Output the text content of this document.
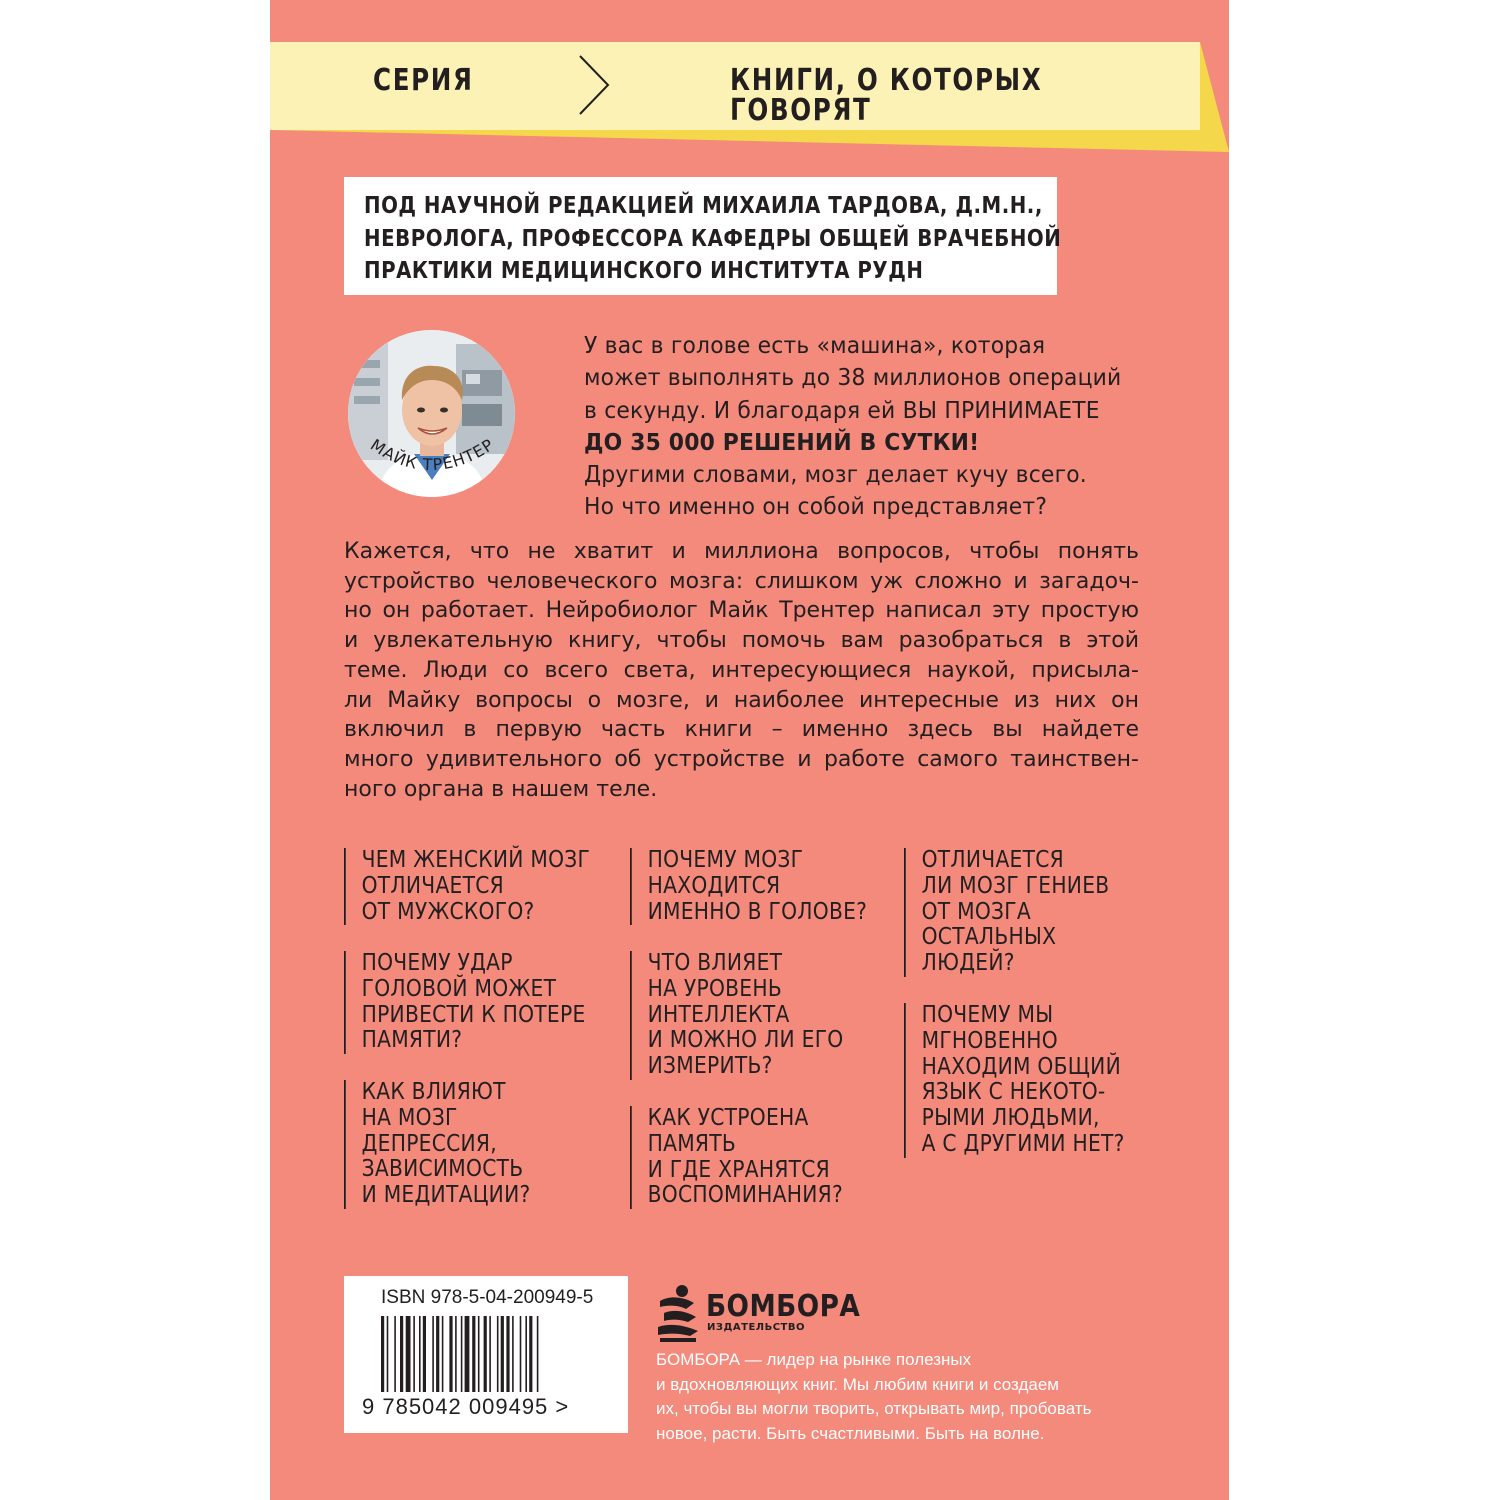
СЕРИЯ	КНИГИ, О КОТОРЫХ ГОВОРЯТ
ПОД НАУЧНОЙ РЕДАКЦИЕЙ МИХАИЛА ТАРДОВА, Д.М.Н.,
НЕВРОЛОГА, ПРОФЕССОРА КАФЕДРЫ ОБЩЕЙ ВРАЧЕБНОЙ
ПРАКТИКИ МЕДИЦИНСКОГО ИНСТИТУТА РУДН
МАЙК ТРЕНТЕР
У вас в голове есть «машина», которая
может выполнять до 38 миллионов операций
в секунду. И благодаря ей ВЫ ПРИНИМАЕТЕ
ДО 35 000 РЕШЕНИЙ В СУТКИ!
Другими словами, мозг делает кучу всего.
Но что именно он собой представляет?
Кажется, что не хватит и миллиона вопросов, чтобы понять
устройство человеческого мозга: слишком уж сложно и загадоч-
но он работает. Нейробиолог Майк Трентер написал эту простую
и увлекательную книгу, чтобы помочь вам разобраться в этой
теме. Люди со всего света, интересующиеся наукой, присыла-
ли Майку вопросы о мозге, и наиболее интересные из них он
включил в первую часть книги – именно здесь вы найдете
много удивительного об устройстве и работе самого таинствен-
ного органа в нашем теле.
ЧЕМ ЖЕНСКИЙ МОЗГ
ОТЛИЧАЕТСЯ
ОТ МУЖСКОГО?
ПОЧЕМУ УДАР
ГОЛОВОЙ МОЖЕТ
ПРИВЕСТИ К ПОТЕРЕ
ПАМЯТИ?
КАК ВЛИЯЮТ
НА МОЗГ
ДЕПРЕССИЯ,
ЗАВИСИМОСТЬ
И МЕДИТАЦИИ?
ПОЧЕМУ МОЗГ
НАХОДИТСЯ
ИМЕННО В ГОЛОВЕ?
ЧТО ВЛИЯЕТ
НА УРОВЕНЬ
ИНТЕЛЛЕКТА
И МОЖНО ЛИ ЕГО
ИЗМЕРИТЬ?
КАК УСТРОЕНА
ПАМЯТЬ
И ГДЕ ХРАНЯТСЯ
ВОСПОМИНАНИЯ?
ОТЛИЧАЕТСЯ
ЛИ МОЗГ ГЕНИЕВ
ОТ МОЗГА
ОСТАЛЬНЫХ
ЛЮДЕЙ?
ПОЧЕМУ МЫ
МГНОВЕННО
НАХОДИМ ОБЩИЙ
ЯЗЫК С НЕКОТО-
РЫМИ ЛЮДЬМИ,
А С ДРУГИМИ НЕТ?
ISBN 978-5-04-200949-5
9 785042 009495 >
БОМБОРА
ИЗДАТЕЛЬСТВО
БОМБОРА — лидер на рынке полезных
и вдохновляющих книг. Мы любим книги и создаем
их, чтобы вы могли творить, открывать мир, пробовать
новое, расти. Быть счастливыми. Быть на волне.
